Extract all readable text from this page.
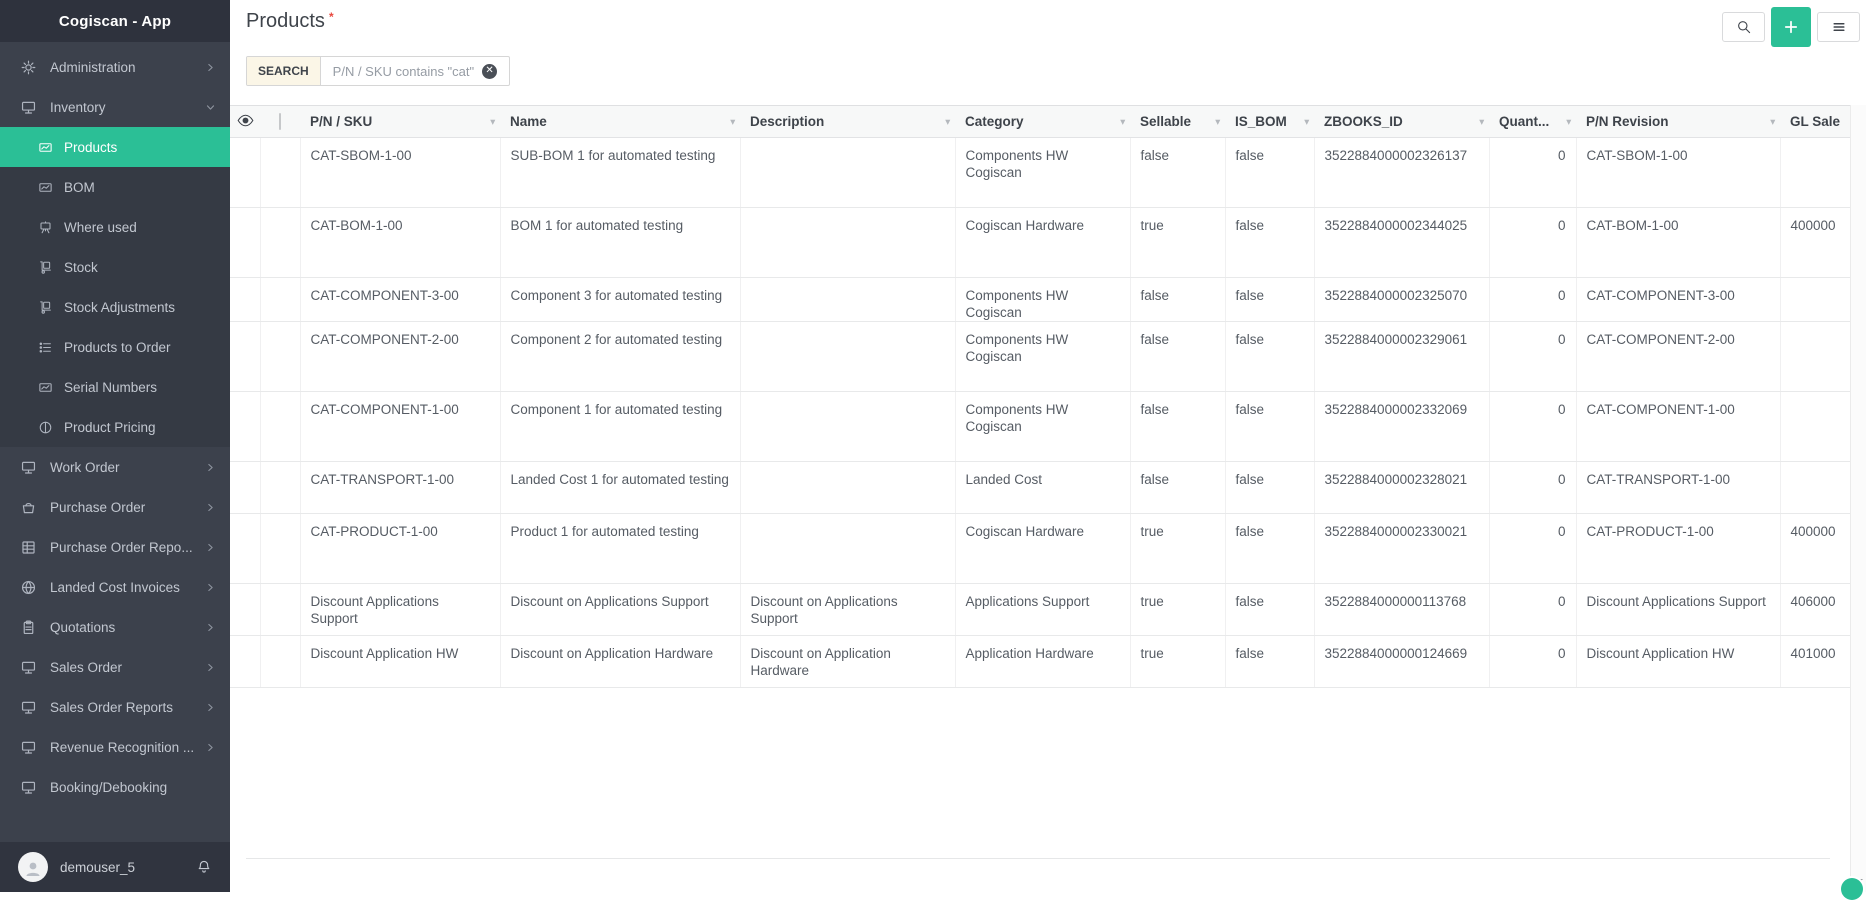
Cogiscan - App
Administration
Inventory
Products
BOM
Where used
Stock
Stock Adjustments
Products to Order
Serial Numbers
Product Pricing
Work Order
Purchase Order
Purchase Order Repo...
Landed Cost Invoices
Quotations
Sales Order
Sales Order Reports
Revenue Recognition ...
Booking/Debooking
demouser_5
Products *
SEARCH	P/N / SKU contains "cat"	✕
		P/N / SKU ▾	Name ▾	Description ▾	Category ▾	Sellable ▾	IS_BOM ▾	ZBOOKS_ID ▾	Quant... ▾	P/N Revision ▾	GL Sale
		CAT-SBOM-1-00	SUB-BOM 1 for automated testing		Components HW Cogiscan	false	false	3522884000002326137	0	CAT-SBOM-1-00	
		CAT-BOM-1-00	BOM 1 for automated testing		Cogiscan Hardware	true	false	3522884000002344025	0	CAT-BOM-1-00	400000
		CAT-COMPONENT-3-00	Component 3 for automated testing		Components HW Cogiscan	false	false	3522884000002325070	0	CAT-COMPONENT-3-00	
		CAT-COMPONENT-2-00	Component 2 for automated testing		Components HW Cogiscan	false	false	3522884000002329061	0	CAT-COMPONENT-2-00	
		CAT-COMPONENT-1-00	Component 1 for automated testing		Components HW Cogiscan	false	false	3522884000002332069	0	CAT-COMPONENT-1-00	
		CAT-TRANSPORT-1-00	Landed Cost 1 for automated testing		Landed Cost	false	false	3522884000002328021	0	CAT-TRANSPORT-1-00	
		CAT-PRODUCT-1-00	Product 1 for automated testing		Cogiscan Hardware	true	false	3522884000002330021	0	CAT-PRODUCT-1-00	400000
		Discount Applications Support	Discount on Applications Support	Discount on Applications Support	Applications Support	true	false	3522884000000113768	0	Discount Applications Support	406000
		Discount Application HW	Discount on Application Hardware	Discount on Application Hardware	Application Hardware	true	false	3522884000000124669	0	Discount Application HW	401000
